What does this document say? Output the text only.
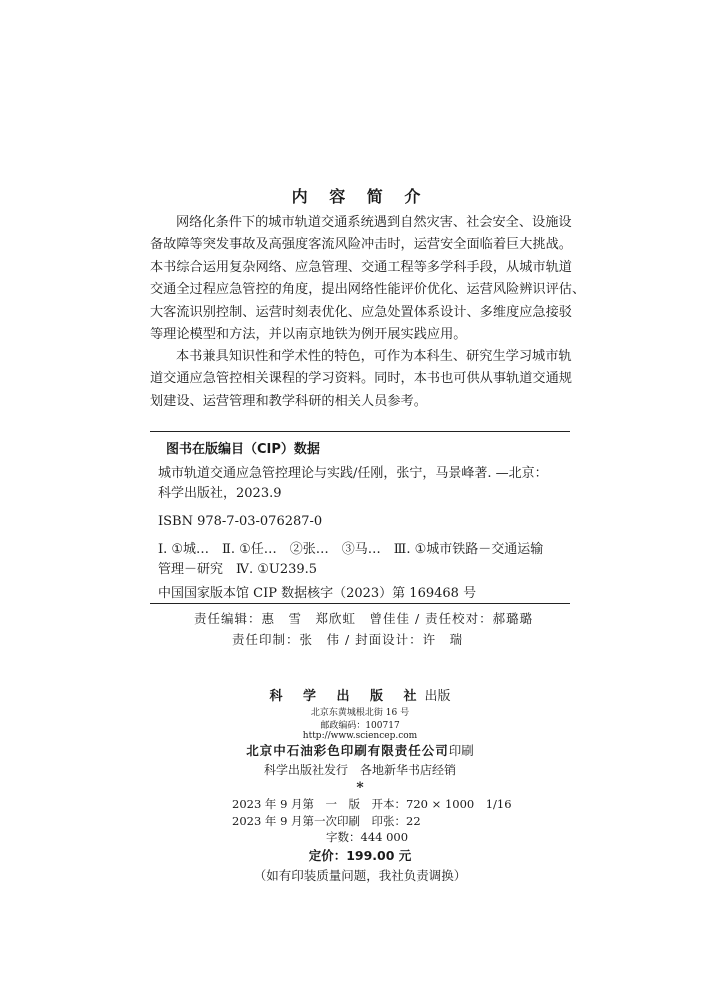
内 容 简 介

网络化条件下的城市轨道交通系统遇到自然灾害、社会安全、设施设
备故障等突发事故及高强度客流风险冲击时，运营安全面临着巨大挑战。
本书综合运用复杂网络、应急管理、交通工程等多学科手段，从城市轨道
交通全过程应急管控的角度，提出网络性能评价优化、运营风险辨识评估、
大客流识别控制、运营时刻表优化、应急处置体系设计、多维度应急接驳
等理论模型和方法，并以南京地铁为例开展实践应用。

本书兼具知识性和学术性的特色，可作为本科生、研究生学习城市轨
道交通应急管控相关课程的学习资料。同时，本书也可供从事轨道交通规
划建设、运营管理和教学科研的相关人员参考。

图书在版编目（CIP）数据
城市轨道交通应急管控理论与实践/任刚，张宁，马景峰著. —北京：
科学出版社，2023.9
ISBN 978-7-03-076287-0
Ⅰ. ①城…　Ⅱ. ①任…　②张…　③马…　Ⅲ. ①城市铁路－交通运输
管理－研究　Ⅳ. ①U239.5
中国国家版本馆 CIP 数据核字（2023）第 169468 号
责任编辑：惠　雪　郑欣虹　曾佳佳 / 责任校对：郝璐璐
责任印制：张　伟 / 封面设计：许　瑞
科 学 出 版 社出版
北京东黄城根北街 16 号
邮政编码：100717
http://www.sciencep.com
北京中石油彩色印刷有限责任公司印刷
科学出版社发行　各地新华书店经销
*
2023 年 9 月第　一　版　开本：720 × 1000　1/16
2023 年 9 月第一次印刷　印张：22
字数：444 000
定价：199.00 元
（如有印装质量问题，我社负责调换）
